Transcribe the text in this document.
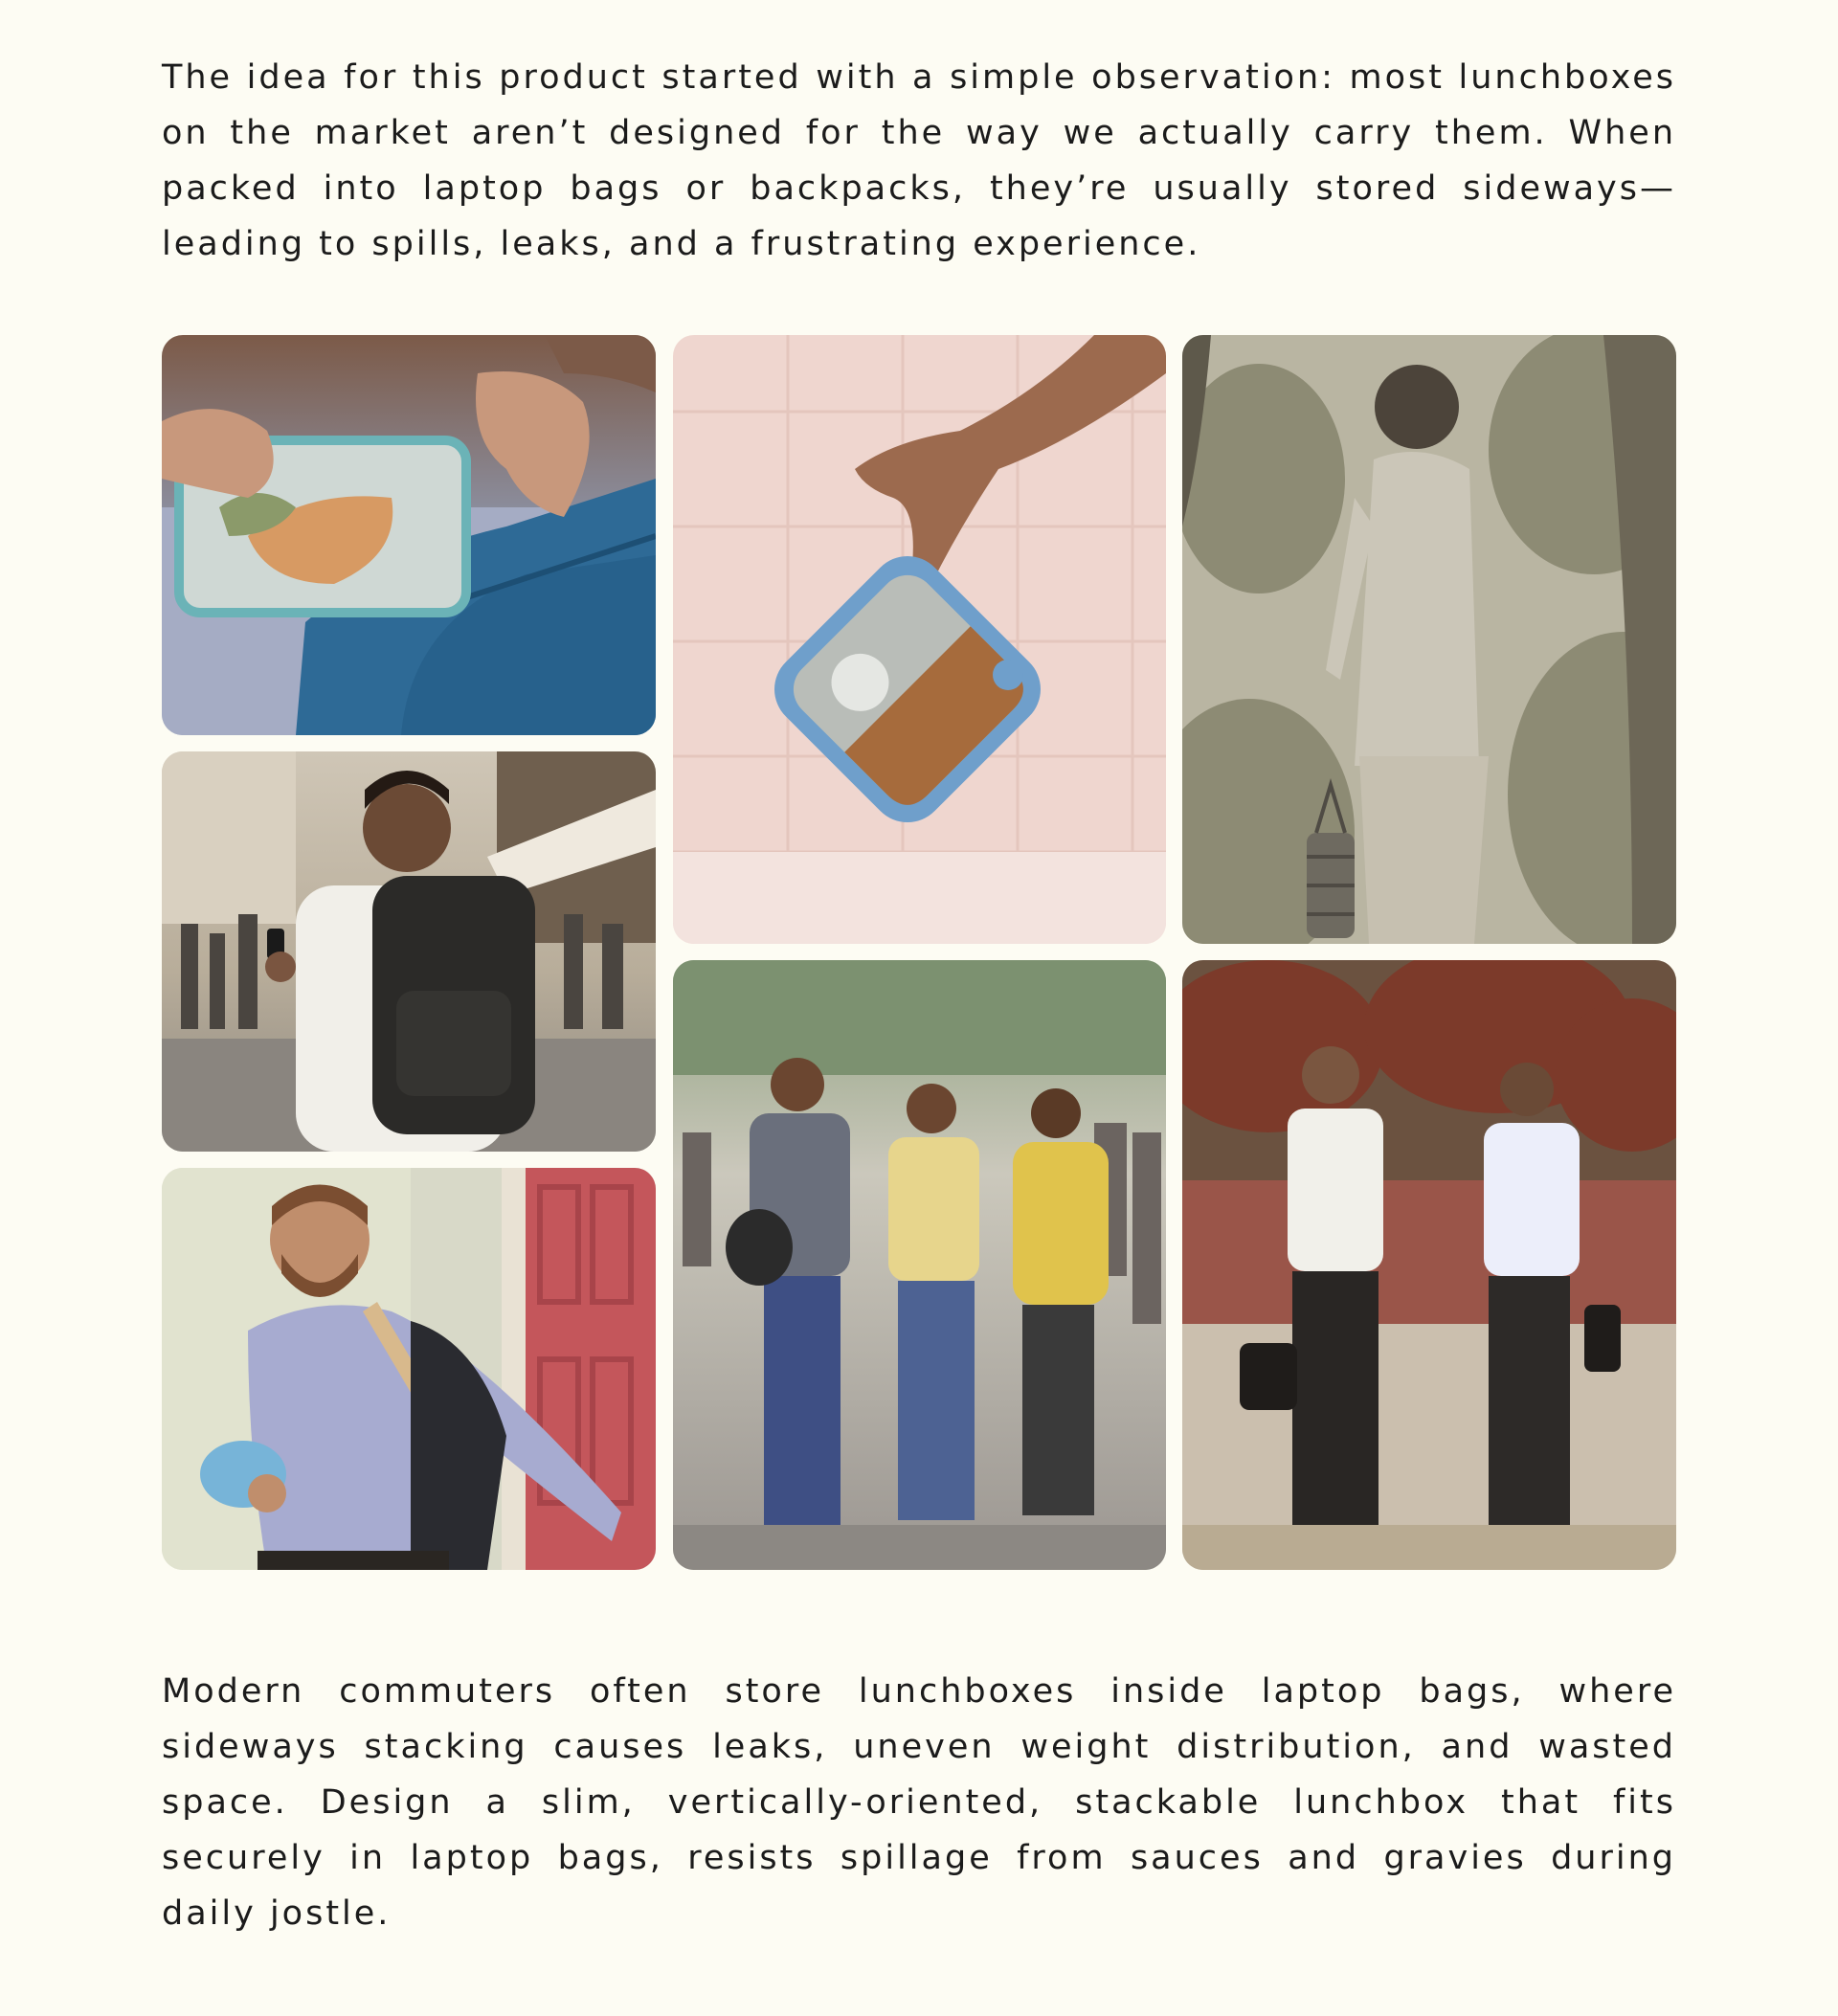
The idea for this product started with a simple observation: most lunchboxes on the market aren’t designed for the way we actually carry them. When packed into laptop bags or backpacks, they’re usually stored sideways—leading to spills, leaks, and a frustrating experience.

Modern commuters often store lunchboxes inside laptop bags, where sideways stacking causes leaks, uneven weight distribution, and wasted space. Design a slim, vertically-oriented, stackable lunchbox that fits securely in laptop bags, resists spillage from sauces and gravies during daily jostle.
